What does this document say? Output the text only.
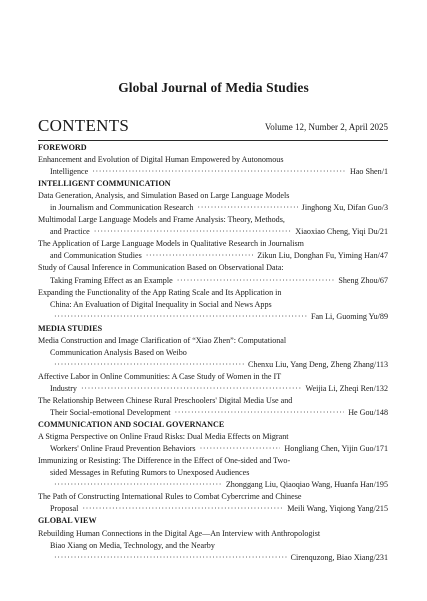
Global Journal of Media Studies
CONTENTS	Volume 12, Number 2, April 2025
FOREWORD
Enhancement and Evolution of Digital Human Empowered by Autonomous
Intelligence ·····	Hao Shen/1
INTELLIGENT COMMUNICATION
Data Generation, Analysis, and Simulation Based on Large Language Models
in Journalism and Communication Research ·····	Jinghong Xu, Difan Guo/3
Multimodal Large Language Models and Frame Analysis: Theory, Methods,
and Practice ·····	Xiaoxiao Cheng, Yiqi Du/21
The Application of Large Language Models in Qualitative Research in Journalism
and Communication Studies ·····	Zikun Liu, Donghan Fu, Yiming Han/47
Study of Causal Inference in Communication Based on Observational Data:
Taking Framing Effect as an Example ·····	Sheng Zhou/67
Expanding the Functionality of the App Rating Scale and Its Application in
China: An Evaluation of Digital Inequality in Social and News Apps
·····
Fan Li, Guoming Yu/89
MEDIA STUDIES
Media Construction and Image Clarification of “Xiao Zhen”: Computational
Communication Analysis Based on Weibo
·····
Chenxu Liu, Yang Deng, Zheng Zhang/113
Affective Labor in Online Communities: A Case Study of Women in the IT
Industry ·····	Weijia Li, Zheqi Ren/132
The Relationship Between Chinese Rural Preschoolers' Digital Media Use and
Their Social-emotional Development ·····	He Gou/148
COMMUNICATION AND SOCIAL GOVERNANCE
A Stigma Perspective on Online Fraud Risks: Dual Media Effects on Migrant
Workers' Online Fraud Prevention Behaviors ·····	Hongliang Chen, Yijin Guo/171
Immunizing or Resisting: The Difference in the Effect of One-sided and Two-
sided Messages in Refuting Rumors to Unexposed Audiences
·····
Zhonggang Liu, Qiaoqiao Wang, Huanfa Han/195
The Path of Constructing International Rules to Combat Cybercrime and Chinese
Proposal ·····	Meili Wang, Yiqiong Yang/215
GLOBAL VIEW
Rebuilding Human Connections in the Digital Age—An Interview with Anthropologist
Biao Xiang on Media, Technology, and the Nearby
·····
Cirenquzong, Biao Xiang/231
